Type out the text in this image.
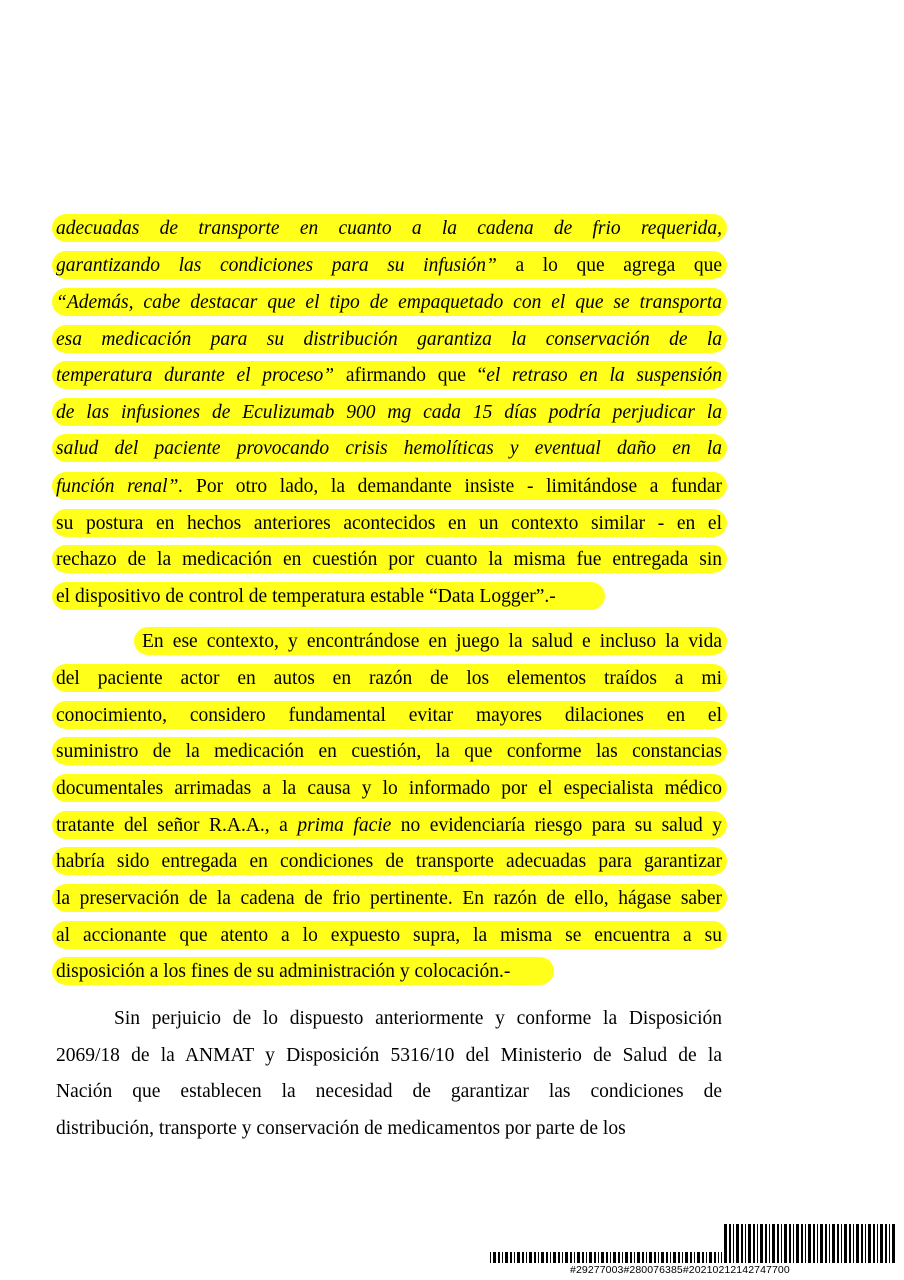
adecuadas de transporte en cuanto a la cadena de frio requerida,
garantizando las condiciones para su infusión” a lo que agrega que
“Además, cabe destacar que el tipo de empaquetado con el que se transporta
esa medicación para su distribución garantiza la conservación de la
temperatura durante el proceso” afirmando que “el retraso en la suspensión
de las infusiones de Eculizumab 900 mg cada 15 días podría perjudicar la
salud del paciente provocando crisis hemolíticas y eventual daño en la
función renal”. Por otro lado, la demandante insiste - limitándose a fundar
su postura en hechos anteriores acontecidos en un contexto similar - en el
rechazo de la medicación en cuestión por cuanto la misma fue entregada sin
el dispositivo de control de temperatura estable “Data Logger”.-
En ese contexto, y encontrándose en juego la salud e incluso la vida
del paciente actor en autos en razón de los elementos traídos a mi
conocimiento, considero fundamental evitar mayores dilaciones en el
suministro de la medicación en cuestión, la que conforme las constancias
documentales arrimadas a la causa y lo informado por el especialista médico
tratante del señor R.A.A., a prima facie no evidenciaría riesgo para su salud y
habría sido entregada en condiciones de transporte adecuadas para garantizar
la preservación de la cadena de frio pertinente. En razón de ello, hágase saber
al accionante que atento a lo expuesto supra, la misma se encuentra a su
disposición a los fines de su administración y colocación.-
Sin perjuicio de lo dispuesto anteriormente y conforme la Disposición
2069/18 de la ANMAT y Disposición 5316/10 del Ministerio de Salud de la
Nación que establecen la necesidad de garantizar las condiciones de
distribución, transporte y conservación de medicamentos por parte de los
#29277003#280076385#20210212142747700
